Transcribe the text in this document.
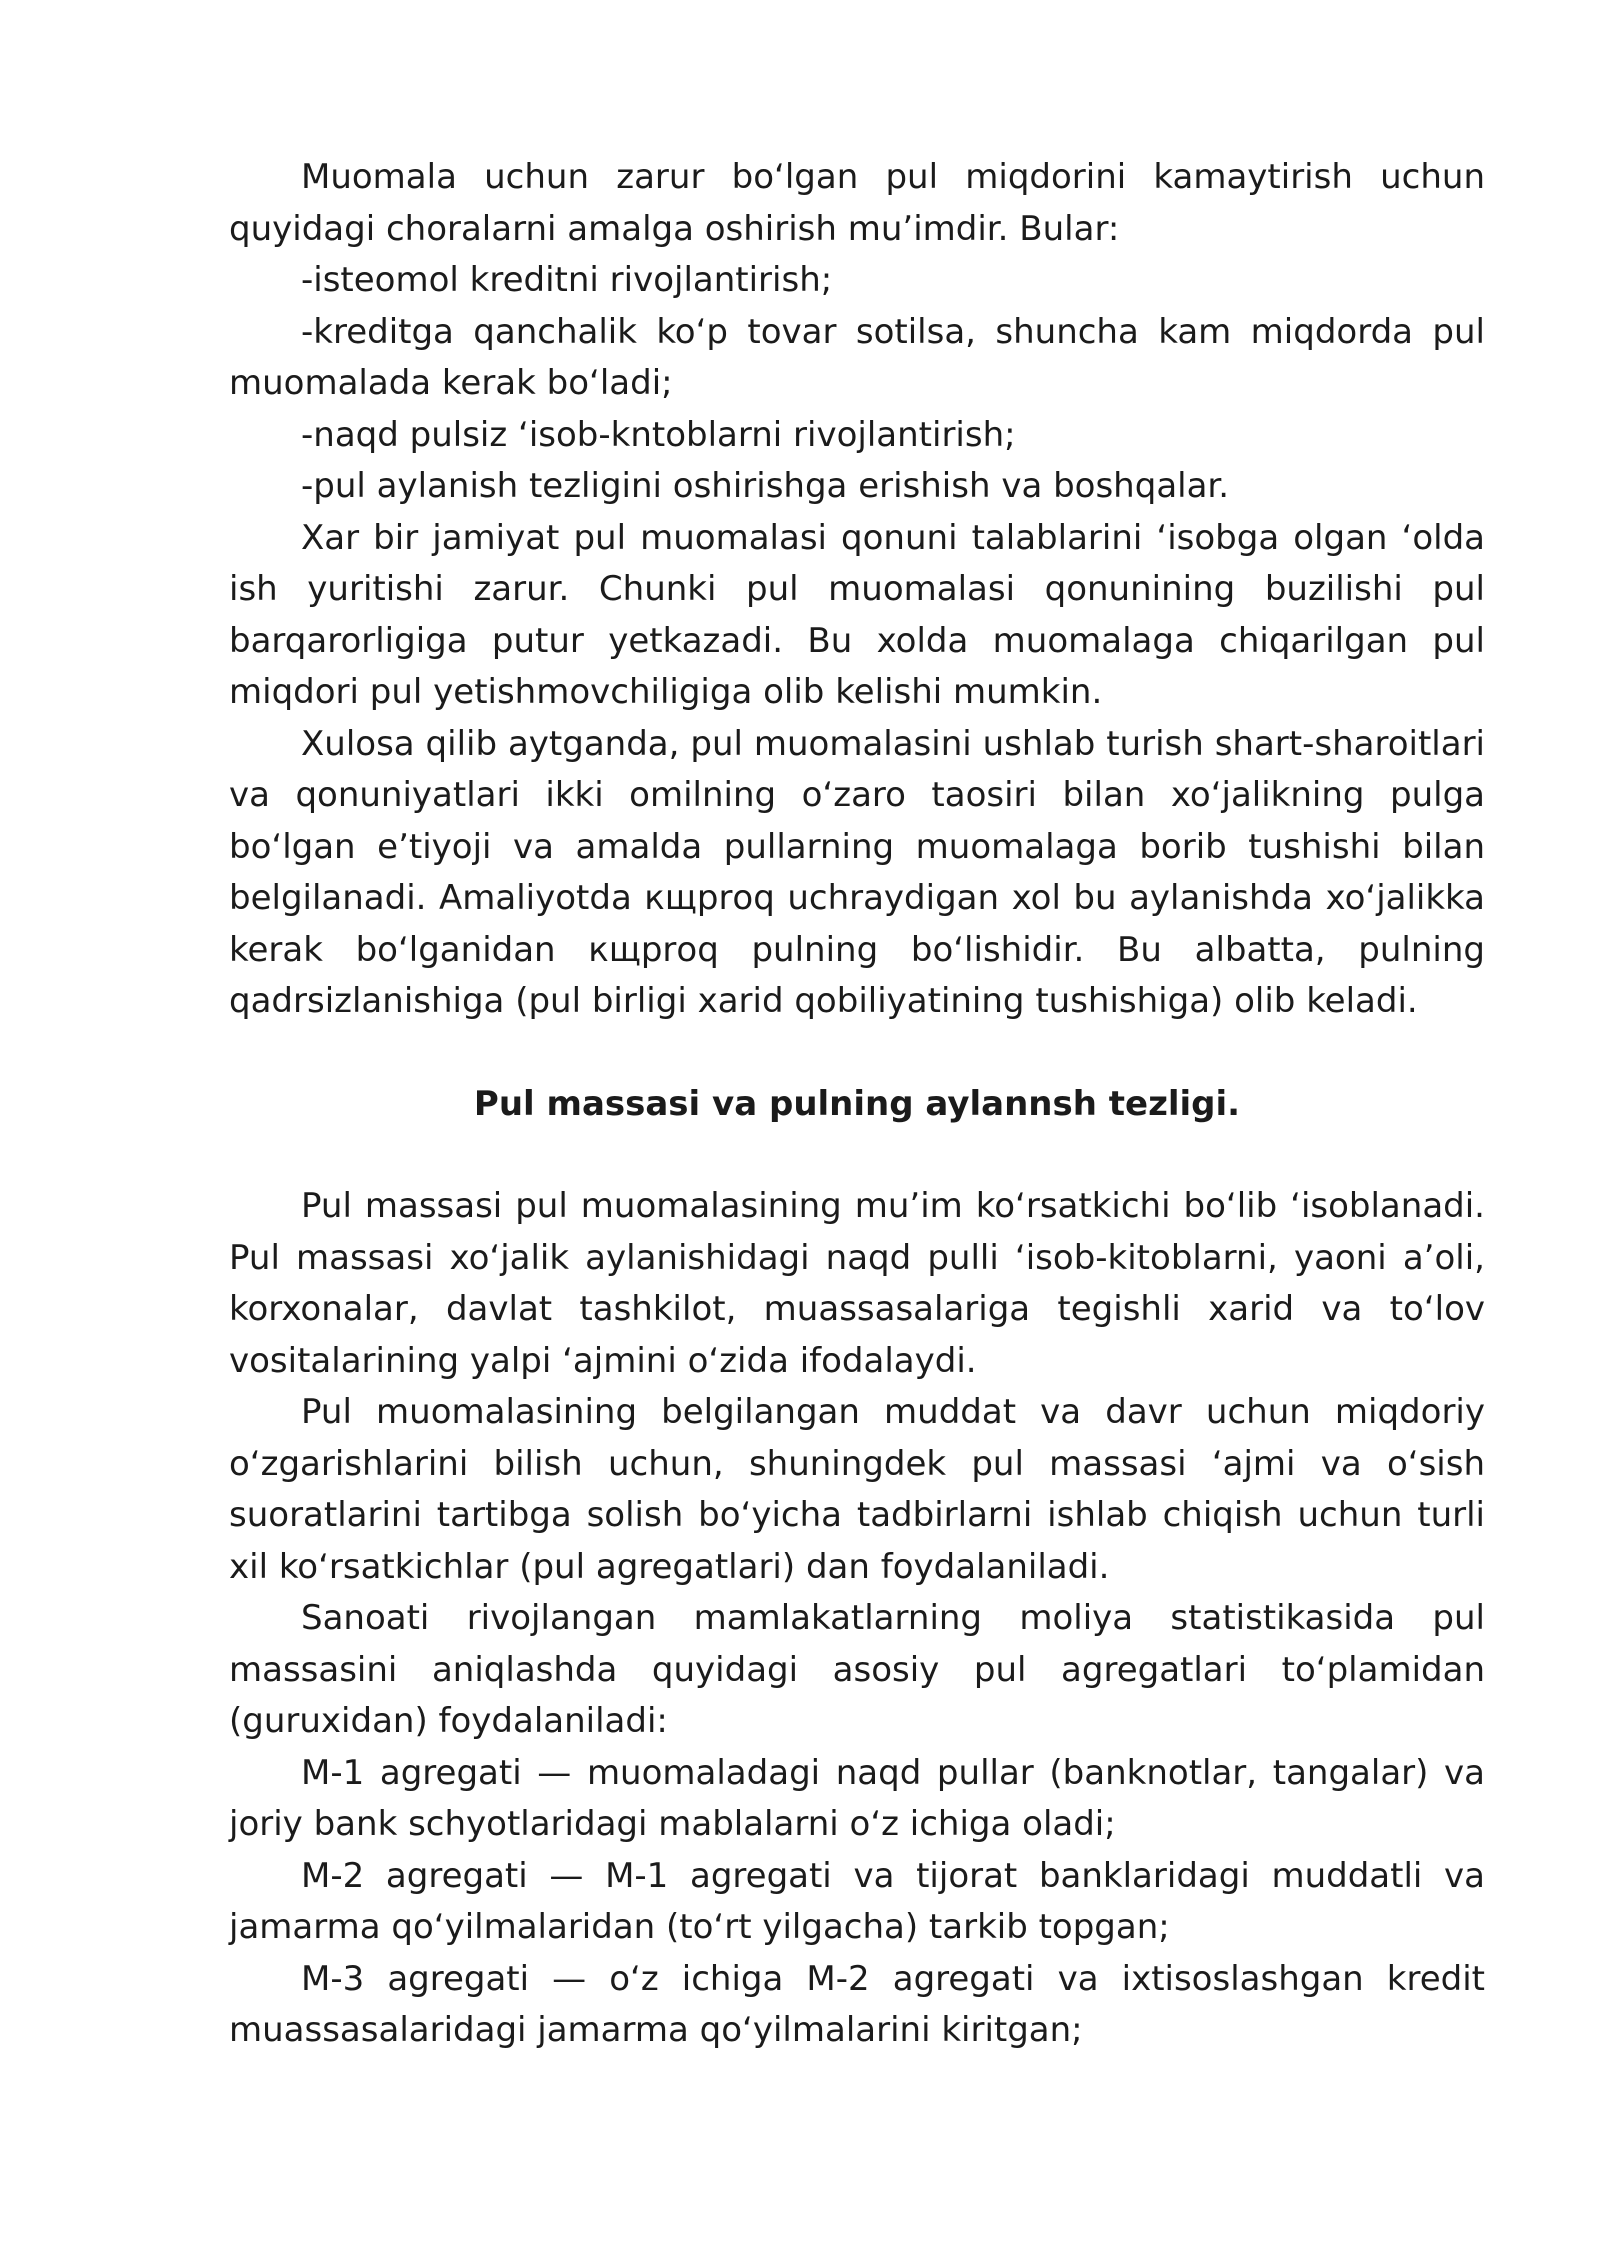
Muomala uchun zarur bo‘lgan pul miqdorini kamaytirish uchun quyidagi choralarni amalga oshirish mu’imdir. Bular:

-isteomol kreditni rivojlantirish;

-kreditga qanchalik ko‘p tovar sotilsa, shuncha kam miqdorda pul muomalada kerak bo‘ladi;

-naqd pulsiz ‘isob-kntoblarni rivojlantirish;

-pul aylanish tezligini oshirishga erishish va boshqalar.

Xar bir jamiyat pul muomalasi qonuni talablarini ‘isobga olgan ‘olda ish yuritishi zarur. Chunki pul muomalasi qonunining buzilishi pul barqarorligiga putur yetkazadi. Bu xolda muomalaga chiqarilgan pul miqdori pul yetishmovchiligiga olib kelishi mumkin.

Xulosa qilib aytganda, pul muomalasini ushlab turish shart-sharoitlari va qonuniyatlari ikki omilning o‘zaro taosiri bilan xo‘jalikning pulga bo‘lgan e’tiyoji va amalda pullarning muomalaga borib tushishi bilan belgilanadi. Amaliyotda кщрrоq uchraydigan xol bu aylanishda xo‘jalikka kerak bo‘lganidan кщрrоq pulning bo‘lishidir. Bu albatta, pulning qadrsizlanishiga (pul birligi xarid qobiliyatining tushishiga) olib keladi.

Pul massasi va pulning aylannsh tezligi.

Pul massasi pul muomalasining mu’im ko‘rsatkichi bo‘lib ‘isoblanadi. Pul massasi xo‘jalik aylanishidagi naqd pulli ‘isob-kitoblarni, yaoni a’oli, korxonalar, davlat tashkilot, muassasalariga tegishli xarid va to‘lov vositalarining yalpi ‘ajmini o‘zida ifodalaydi.

Pul muomalasining belgilangan muddat va davr uchun miqdoriy o‘zgarishlarini bilish uchun, shuningdek pul massasi ‘ajmi va o‘sish suoratlarini tartibga solish bo‘yicha tadbirlarni ishlab chiqish uchun turli xil ko‘rsatkichlar (pul agregatlari) dan foydalaniladi.

Sanoati rivojlangan mamlakatlarning moliya statistikasida pul massasini aniqlashda quyidagi asosiy pul agregatlari to‘plamidan (guruxidan) foydalaniladi:

M-1 agregati — muomaladagi naqd pullar (banknotlar, tangalar) va joriy bank schyotlaridagi mablalarni o‘z ichiga oladi;

M-2 agregati — M-1 agregati va tijorat banklaridagi muddatli va jamarma qo‘yilmalaridan (to‘rt yilgacha) tarkib topgan;

M-3 agregati — o‘z ichiga M-2 agregati va ixtisoslashgan kredit muassasalaridagi jamarma qo‘yilmalarini kiritgan;
